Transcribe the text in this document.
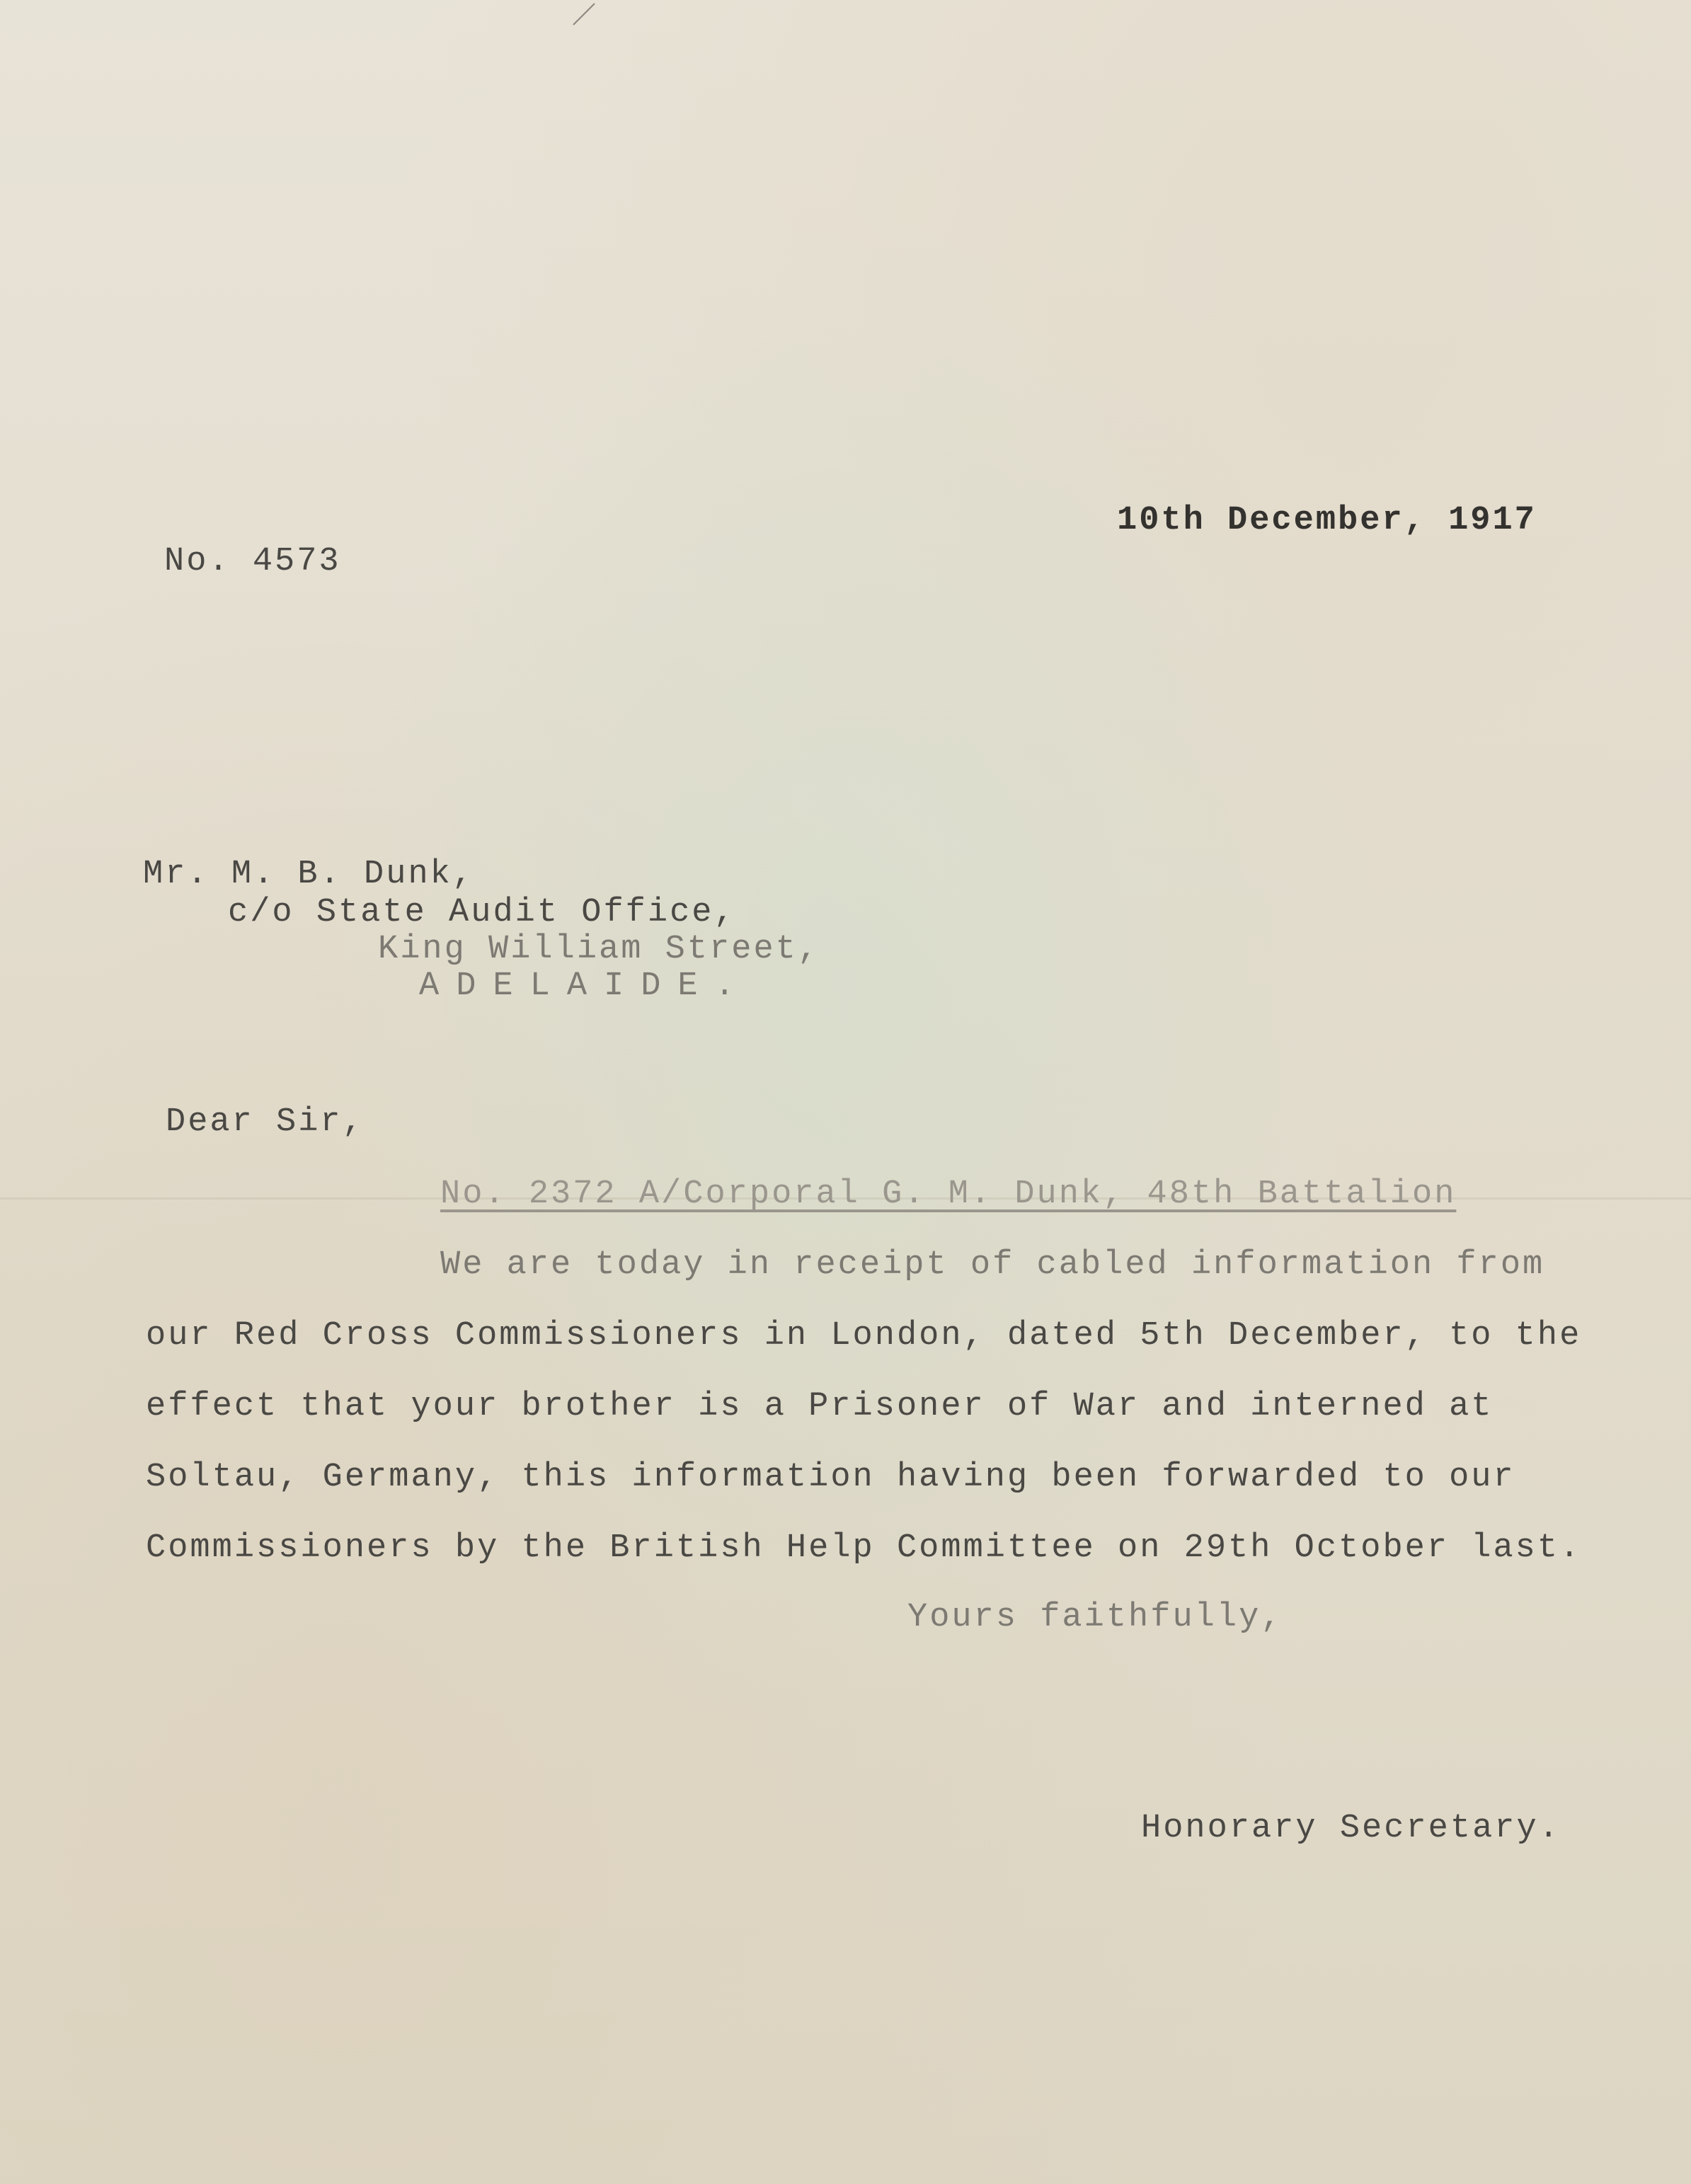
10th December, 1917
No. 4573
Mr. M. B. Dunk,
c/o State Audit Office,
King William Street,
ADELAIDE.
Dear Sir,
No. 2372 A/Corporal G. M. Dunk, 48th Battalion
We are today in receipt of cabled information from
our Red Cross Commissioners in London, dated 5th December, to the
effect that your brother is a Prisoner of War and interned at
Soltau, Germany, this information having been forwarded to our
Commissioners by the British Help Committee on 29th October last.
Yours faithfully,
Honorary Secretary.
